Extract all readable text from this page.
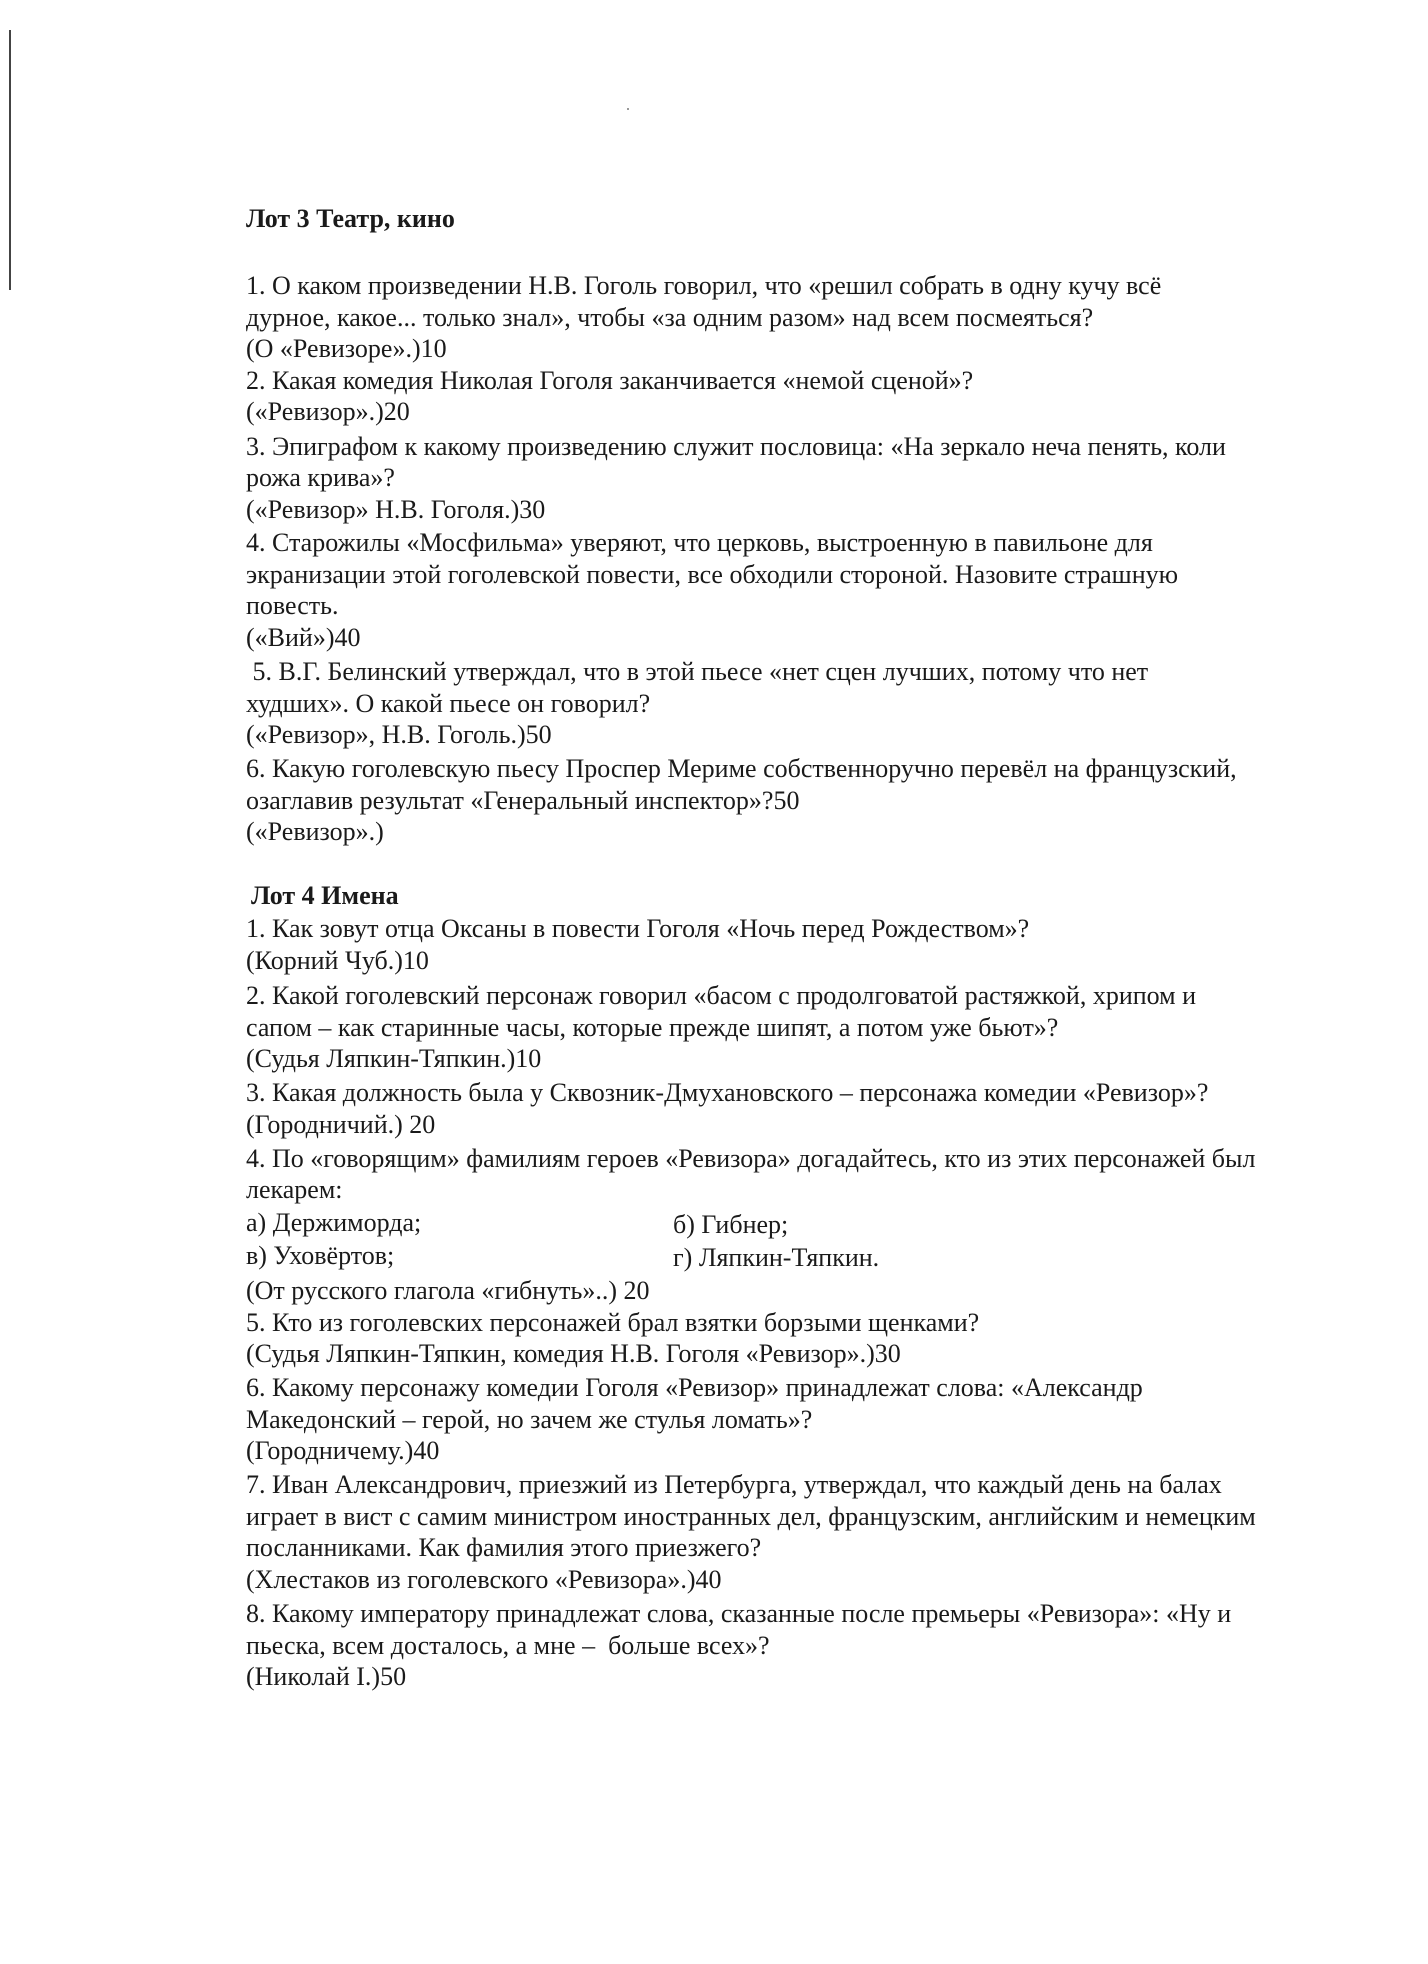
Лот 3 Театр, кино
1. О каком произведении Н.В. Гоголь говорил, что «решил собрать в одну кучу всё
дурное, какое... только знал», чтобы «за одним разом» над всем посмеяться?
(О «Ревизоре».)10
2. Какая комедия Николая Гоголя заканчивается «немой сценой»?
(«Ревизор».)20
3. Эпиграфом к какому произведению служит пословица: «На зеркало неча пенять, коли
рожа крива»?
(«Ревизор» Н.В. Гоголя.)30
4. Старожилы «Мосфильма» уверяют, что церковь, выстроенную в павильоне для
экранизации этой гоголевской повести, все обходили стороной. Назовите страшную
повесть.
(«Вий»)40
5. В.Г. Белинский утверждал, что в этой пьесе «нет сцен лучших, потому что нет
худших». О какой пьесе он говорил?
(«Ревизор», Н.В. Гоголь.)50
6. Какую гоголевскую пьесу Проспер Мериме собственноручно перевёл на французский,
озаглавив результат «Генеральный инспектор»?50
(«Ревизор».)
Лот 4 Имена
1. Как зовут отца Оксаны в повести Гоголя «Ночь перед Рождеством»?
(Корний Чуб.)10
2. Какой гоголевский персонаж говорил «басом с продолговатой растяжкой, хрипом и
сапом – как старинные часы, которые прежде шипят, а потом уже бьют»?
(Судья Ляпкин-Тяпкин.)10
3. Какая должность была у Сквозник-Дмухановского – персонажа комедии «Ревизор»?
(Городничий.) 20
4. По «говорящим» фамилиям героев «Ревизора» догадайтесь, кто из этих персонажей был
лекарем:
а) Держиморда;	б) Гибнер;
в) Уховёртов;	г) Ляпкин-Тяпкин.
(От русского глагола «гибнуть»..) 20
5. Кто из гоголевских персонажей брал взятки борзыми щенками?
(Судья Ляпкин-Тяпкин, комедия Н.В. Гоголя «Ревизор».)30
6. Какому персонажу комедии Гоголя «Ревизор» принадлежат слова: «Александр
Македонский – герой, но зачем же стулья ломать»?
(Городничему.)40
7. Иван Александрович, приезжий из Петербурга, утверждал, что каждый день на балах
играет в вист с самим министром иностранных дел, французским, английским и немецким
посланниками. Как фамилия этого приезжего?
(Хлестаков из гоголевского «Ревизора».)40
8. Какому императору принадлежат слова, сказанные после премьеры «Ревизора»: «Ну и
пьеска, всем досталось, а мне –  больше всех»?
(Николай I.)50
